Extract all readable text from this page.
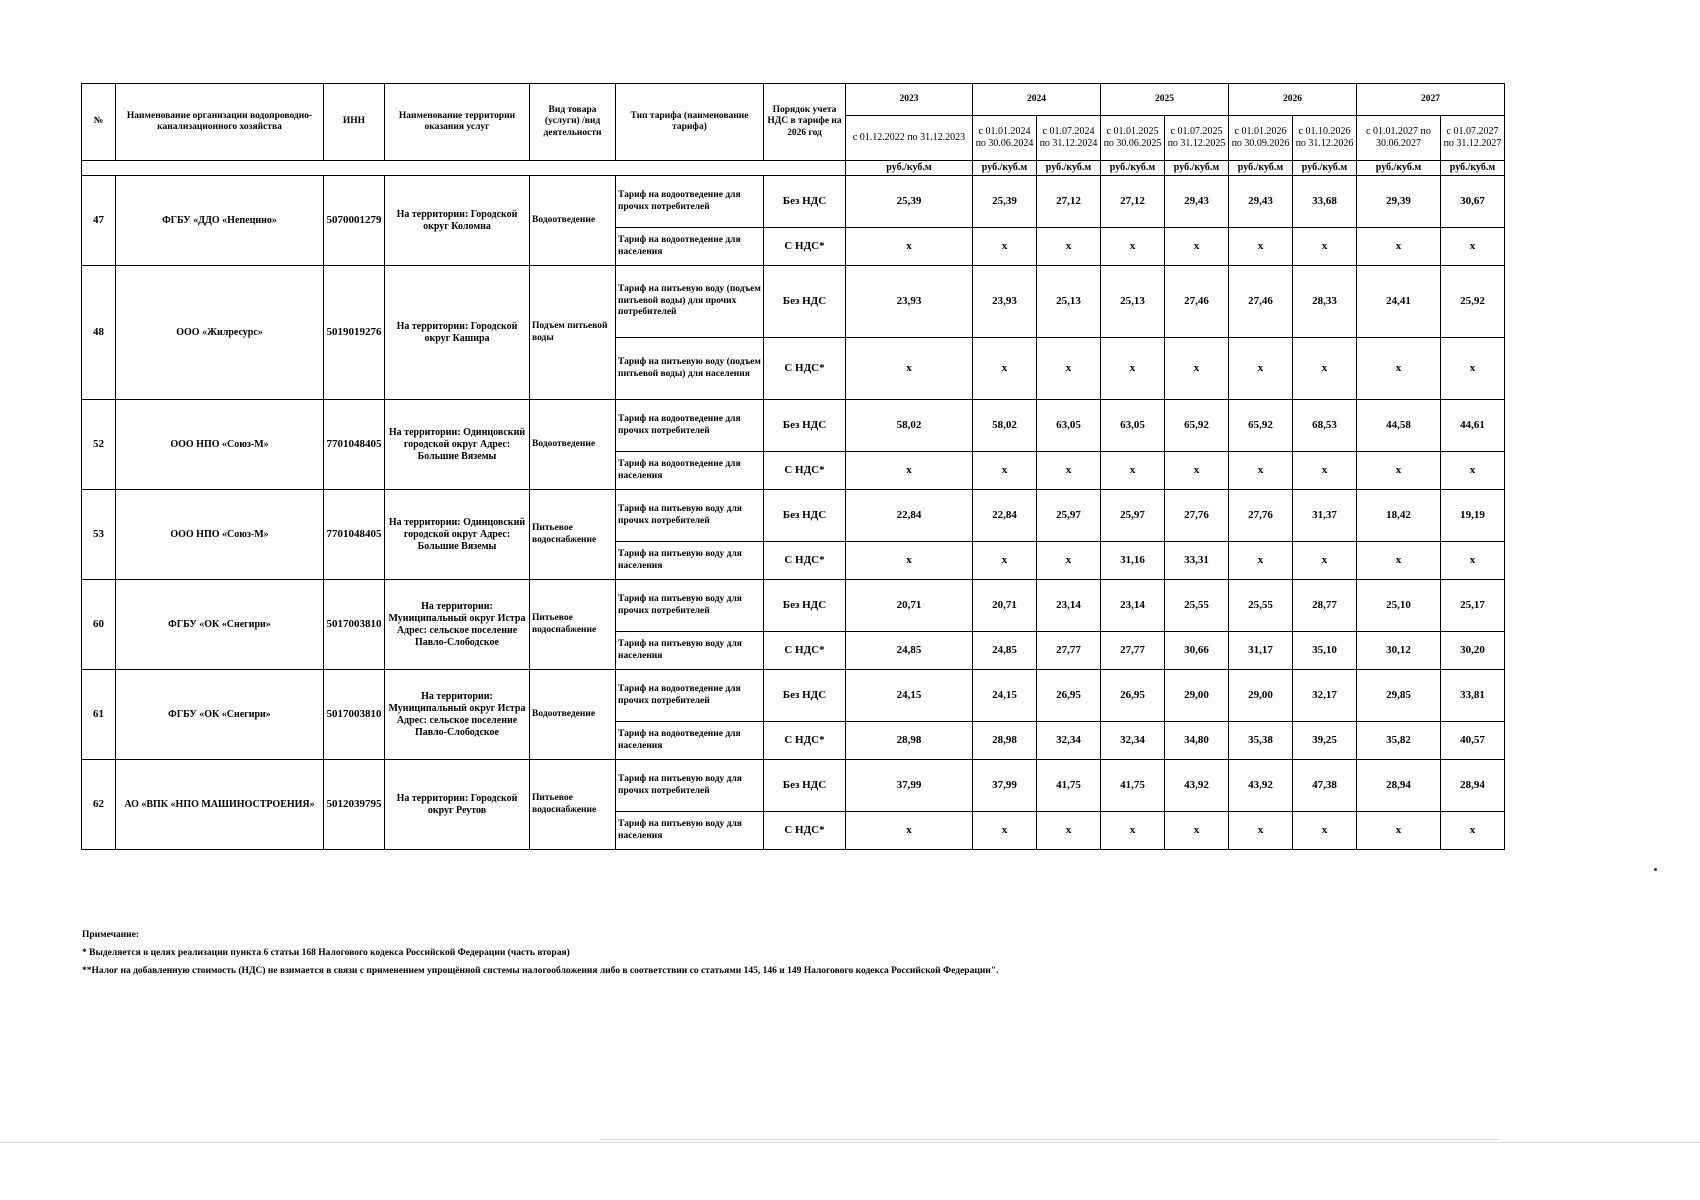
№	Наименование организации водопроводно-канализационного хозяйства	ИНН	Наименование территории оказания услуг	Вид товара (услуги) /вид деятельности	Тип тарифа (наименование тарифа)	Порядок учета НДС в тарифе на 2026 год	2023	2024		2025		2026		2027	
							с 01.12.2022 по 31.12.2023	с 01.01.2024 по 30.06.2024	с 01.07.2024 по 31.12.2024	с 01.01.2025 по 30.06.2025	с 01.07.2025 по 31.12.2025	с 01.01.2026 по 30.09.2026	с 01.10.2026 по 31.12.2026	с 01.01.2027 по 30.06.2027	с 01.07.2027 по 31.12.2027
							руб./куб.м	руб./куб.м	руб./куб.м	руб./куб.м	руб./куб.м	руб./куб.м	руб./куб.м	руб./куб.м	руб./куб.м
47	ФГБУ «ДДО «Непецино»	5070001279	На территории: Городской округ Коломна	Водоотведение	Тариф на водоотведение для прочих потребителей	Без НДС	25,39	25,39	27,12	27,12	29,43	29,43	33,68	29,39	30,67
					Тариф на водоотведение для населения	С НДС*	х	х	х	х	х	х	х	х	х
48	ООО «Жилресурс»	5019019276	На территории: Городской округ Кашира	Подъем питьевой воды	Тариф на питьевую воду (подъем питьевой воды) для прочих потребителей	Без НДС	23,93	23,93	25,13	25,13	27,46	27,46	28,33	24,41	25,92
					Тариф на питьевую воду (подъем питьевой воды) для населения	С НДС*	х	х	х	х	х	х	х	х	х
52	ООО НПО «Союз-М»	7701048405	На территории: Одинцовский городской округ Адрес: Большие Вяземы	Водоотведение	Тариф на водоотведение для прочих потребителей	Без НДС	58,02	58,02	63,05	63,05	65,92	65,92	68,53	44,58	44,61
					Тариф на водоотведение для населения	С НДС*	х	х	х	х	х	х	х	х	х
53	ООО НПО «Союз-М»	7701048405	На территории: Одинцовский городской округ Адрес: Большие Вяземы	Питьевое водоснабжение	Тариф на питьевую воду для прочих потребителей	Без НДС	22,84	22,84	25,97	25,97	27,76	27,76	31,37	18,42	19,19
					Тариф на питьевую воду для населения	С НДС*	х	х	х	31,16	33,31	х	х	х	х
60	ФГБУ «ОК «Снегири»	5017003810	На территории: Муниципальный округ Истра Адрес: сельское поселение Павло-Слободское	Питьевое водоснабжение	Тариф на питьевую воду для прочих потребителей	Без НДС	20,71	20,71	23,14	23,14	25,55	25,55	28,77	25,10	25,17
					Тариф на питьевую воду для населения	С НДС*	24,85	24,85	27,77	27,77	30,66	31,17	35,10	30,12	30,20
61	ФГБУ «ОК «Снегири»	5017003810	На территории: Муниципальный округ Истра Адрес: сельское поселение Павло-Слободское	Водоотведение	Тариф на водоотведение для прочих потребителей	Без НДС	24,15	24,15	26,95	26,95	29,00	29,00	32,17	29,85	33,81
					Тариф на водоотведение для населения	С НДС*	28,98	28,98	32,34	32,34	34,80	35,38	39,25	35,82	40,57
62	АО «ВПК «НПО МАШИНОСТРОЕНИЯ»	5012039795	На территории: Городской округ Реутов	Питьевое водоснабжение	Тариф на питьевую воду для прочих потребителей	Без НДС	37,99	37,99	41,75	41,75	43,92	43,92	47,38	28,94	28,94
					Тариф на питьевую воду для населения	С НДС*	х	х	х	х	х	х	х	х	х
Примечание:
* Выделяется в целях реализации пункта 6 статьи 168 Налогового кодекса Российской Федерации (часть вторая)
**Налог на добавленную стоимость (НДС) не взимается в связи с применением упрощённой системы налогообложения либо в соответствии со статьями 145, 146 и 149 Налогового кодекса Российской Федерации".
